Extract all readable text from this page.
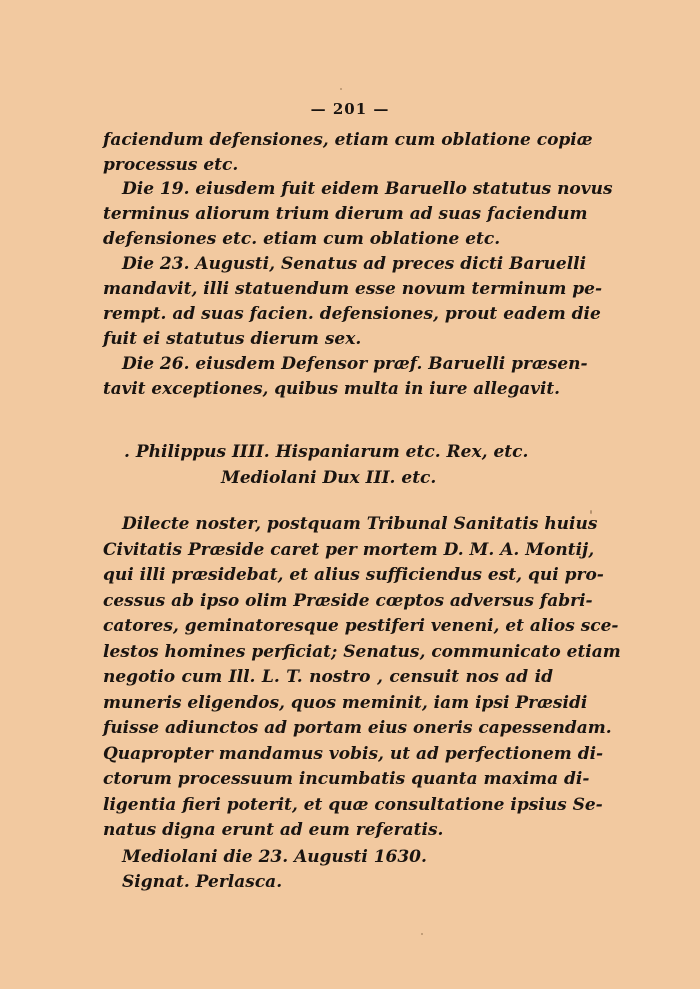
— 201 —
faciendum defensiones, etiam cum oblatione copiæ
processus etc.
Die 19. eiusdem fuit eidem Baruello statutus novus
terminus aliorum trium dierum ad suas faciendum
defensiones etc. etiam cum oblatione etc.
Die 23. Augusti, Senatus ad preces dicti Baruelli
mandavit, illi statuendum esse novum terminum pe-
rempt. ad suas facien. defensiones, prout eadem die
fuit ei statutus dierum sex.
Die 26. eiusdem Defensor præf. Baruelli præsen-
tavit exceptiones, quibus multa in iure allegavit.
. Philippus IIII. Hispaniarum etc. Rex, etc.
Mediolani Dux III. etc.
Dilecte noster, postquam Tribunal Sanitatis huius
Civitatis Præside caret per mortem D. M. A. Montij,
qui illi præsidebat, et alius sufficiendus est, qui pro-
cessus ab ipso olim Præside cœptos adversus fabri-
catores, geminatoresque pestiferi veneni, et alios sce-
lestos homines perficiat; Senatus, communicato etiam
negotio cum Ill. L. T. nostro , censuit nos ad id
muneris eligendos, quos meminit, iam ipsi Præsidi
fuisse adiunctos ad portam eius oneris capessendam.
Quapropter mandamus vobis, ut ad perfectionem di-
ctorum processuum incumbatis quanta maxima di-
ligentia fieri poterit, et quæ consultatione ipsius Se-
natus digna erunt ad eum referatis.
Mediolani die 23. Augusti 1630.
Signat. Perlasca.
